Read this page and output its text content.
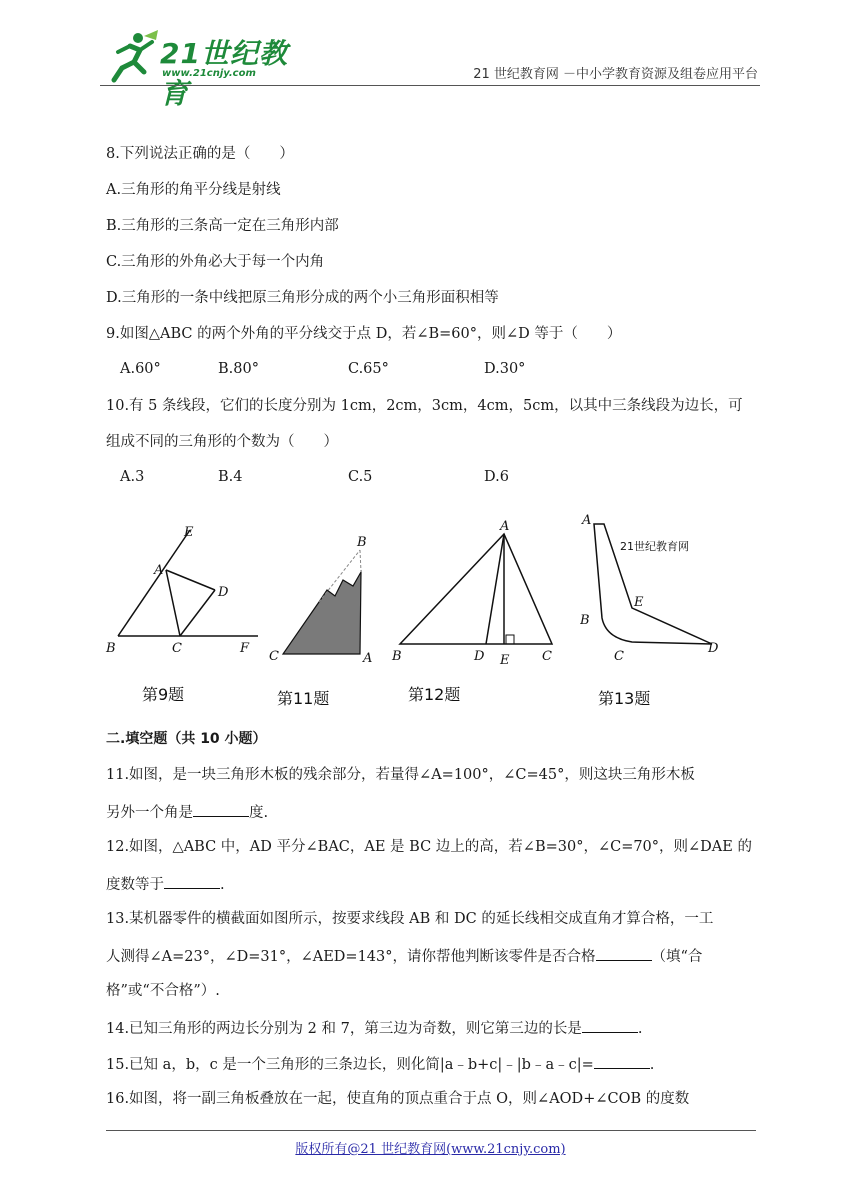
21世纪教育
www.21cnjy.com	21 世纪教育网 －中小学教育资源及组卷应用平台

8.下列说法正确的是（　　）

A.三角形的角平分线是射线

B.三角形的三条高一定在三角形内部

C.三角形的外角必大于每一个内角

D.三角形的一条中线把原三角形分成的两个小三角形面积相等

9.如图△ABC 的两个外角的平分线交于点 D，若∠B=60°，则∠D 等于（　　）

A.60°	B.80°	C.65°	D.30°

10.有 5 条线段，它们的长度分别为 1cm，2cm，3cm，4cm，5cm，以其中三条线段为边长，可

组成不同的三角形的个数为（　　）

A.3	B.4	C.5	D.6
E
A
D
B	C	F
第9题
B
C	A
第11题
A
B	D E	C
第12题
21世纪教育网
A
E
B
C
D
第13题

二.填空题（共 10 小题）

11.如图，是一块三角形木板的残余部分，若量得∠A=100°，∠C=45°，则这块三角形木板

另外一个角是	度.

12.如图，△ABC 中，AD 平分∠BAC，AE 是 BC 边上的高，若∠B=30°，∠C=70°，则∠DAE 的

度数等于	.

13.某机器零件的横截面如图所示，按要求线段 AB 和 DC 的延长线相交成直角才算合格，一工

人测得∠A=23°，∠D=31°，∠AED=143°，请你帮他判断该零件是否合格	（填“合

格”或“不合格”）.

14.已知三角形的两边长分别为 2 和 7，第三边为奇数，则它第三边的长是	.

15.已知 a，b，c 是一个三角形的三条边长，则化简|a﹣b+c|﹣|b﹣a﹣c|=	.

16.如图，将一副三角板叠放在一起，使直角的顶点重合于点 O，则∠AOD+∠COB 的度数

版权所有@21 世纪教育网(www.21cnjy.com)
